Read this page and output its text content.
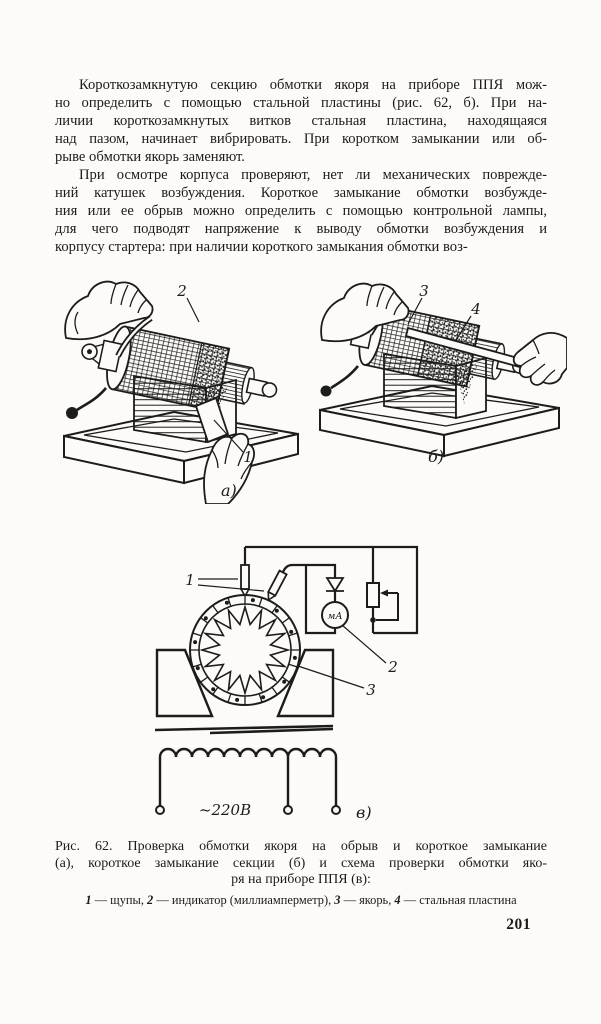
Короткозамкнутую секцию обмотки якоря на приборе ППЯ мож-
но определить с помощью стальной пластины (рис. 62, б). При на-
личии короткозамкнутых витков стальная пластина, находящаяся
над пазом, начинает вибрировать. При коротком замыкании или об-
рыве обмотки якорь заменяют.
При осмотре корпуса проверяют, нет ли механических поврежде-
ний катушек возбуждения. Короткое замыкание обмотки возбужде-
ния или ее обрыв можно определить с помощью контрольной лампы,
для чего подводят напряжение к выводу обмотки возбуждения и
корпусу стартера: при наличии короткого замыкания обмотки воз-
2
1
а)
3
4
б)
мА
1
2
3
~220В	в)
Рис. 62. Проверка обмотки якоря на обрыв и короткое замыкание
(а), короткое замыкание секции (б) и схема проверки обмотки яко-
ря на приборе ППЯ (в):
1 — щупы, 2 — индикатор (миллиамперметр), 3 — якорь, 4 — стальная пластина
201
